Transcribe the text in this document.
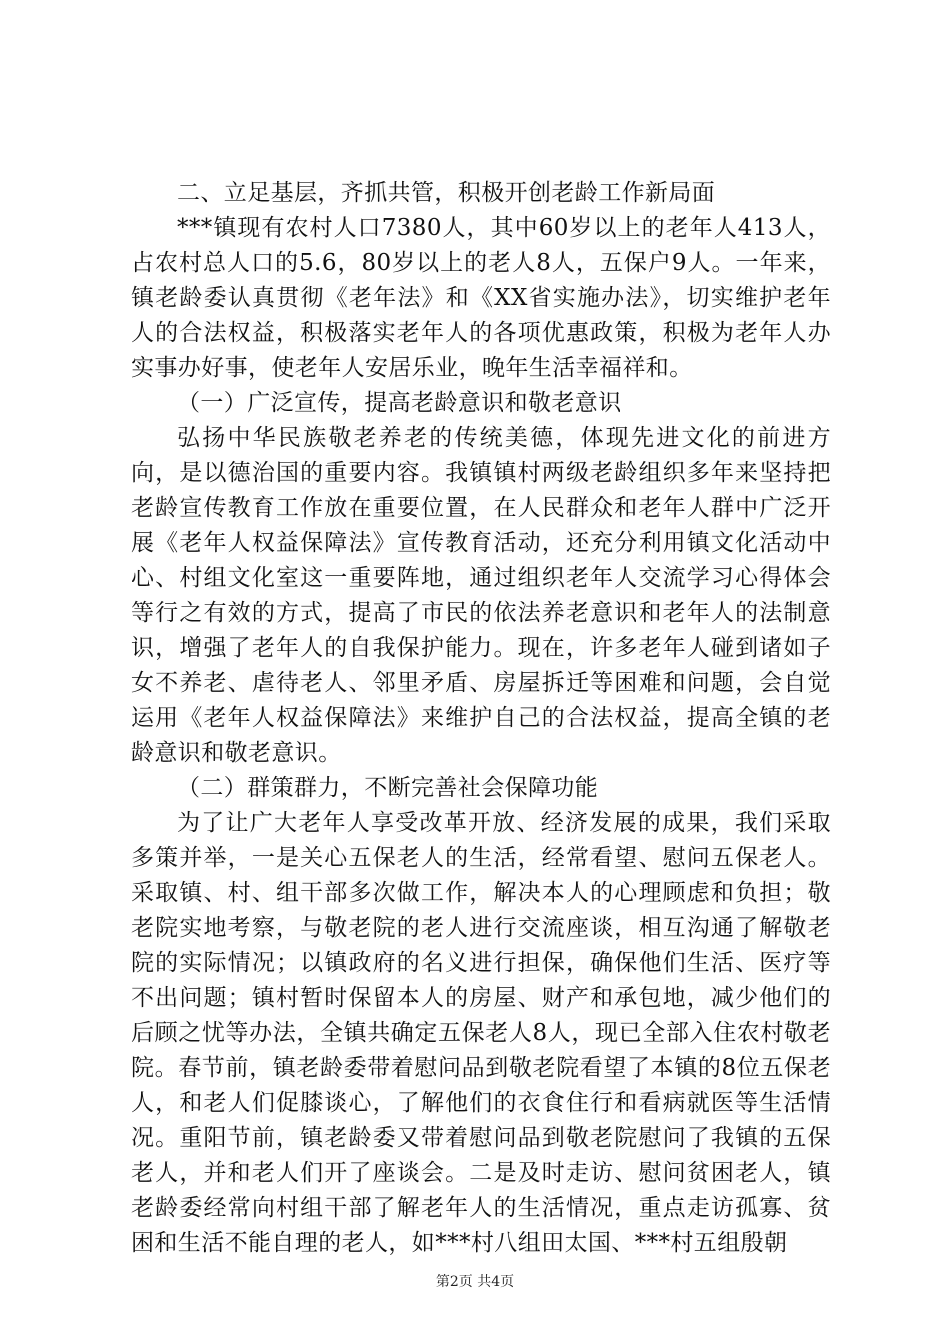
二、立足基层，齐抓共管，积极开创老龄工作新局面

***镇现有农村人口7380人，其中60岁以上的老年人413人，占农村总人口的5.6，80岁以上的老人8人，五保户9人。一年来，镇老龄委认真贯彻《老年法》和《XX省实施办法》，切实维护老年人的合法权益，积极落实老年人的各项优惠政策，积极为老年人办实事办好事，使老年人安居乐业，晚年生活幸福祥和。

（一）广泛宣传，提高老龄意识和敬老意识

弘扬中华民族敬老养老的传统美德，体现先进文化的前进方向，是以德治国的重要内容。我镇镇村两级老龄组织多年来坚持把老龄宣传教育工作放在重要位置，在人民群众和老年人群中广泛开展《老年人权益保障法》宣传教育活动，还充分利用镇文化活动中心、村组文化室这一重要阵地，通过组织老年人交流学习心得体会等行之有效的方式，提高了市民的依法养老意识和老年人的法制意识，增强了老年人的自我保护能力。现在，许多老年人碰到诸如子女不养老、虐待老人、邻里矛盾、房屋拆迁等困难和问题，会自觉运用《老年人权益保障法》来维护自己的合法权益，提高全镇的老龄意识和敬老意识。

（二）群策群力，不断完善社会保障功能

为了让广大老年人享受改革开放、经济发展的成果，我们采取多策并举，一是关心五保老人的生活，经常看望、慰问五保老人。采取镇、村、组干部多次做工作，解决本人的心理顾虑和负担；敬老院实地考察，与敬老院的老人进行交流座谈，相互沟通了解敬老院的实际情况；以镇政府的名义进行担保，确保他们生活、医疗等不出问题；镇村暂时保留本人的房屋、财产和承包地，减少他们的后顾之忧等办法，全镇共确定五保老人8人，现已全部入住农村敬老院。春节前，镇老龄委带着慰问品到敬老院看望了本镇的8位五保老人，和老人们促膝谈心，了解他们的衣食住行和看病就医等生活情况。重阳节前，镇老龄委又带着慰问品到敬老院慰问了我镇的五保老人，并和老人们开了座谈会。二是及时走访、慰问贫困老人，镇老龄委经常向村组干部了解老年人的生活情况，重点走访孤寡、贫困和生活不能自理的老人，如***村八组田太国、***村五组殷朝

第2页 共4页
